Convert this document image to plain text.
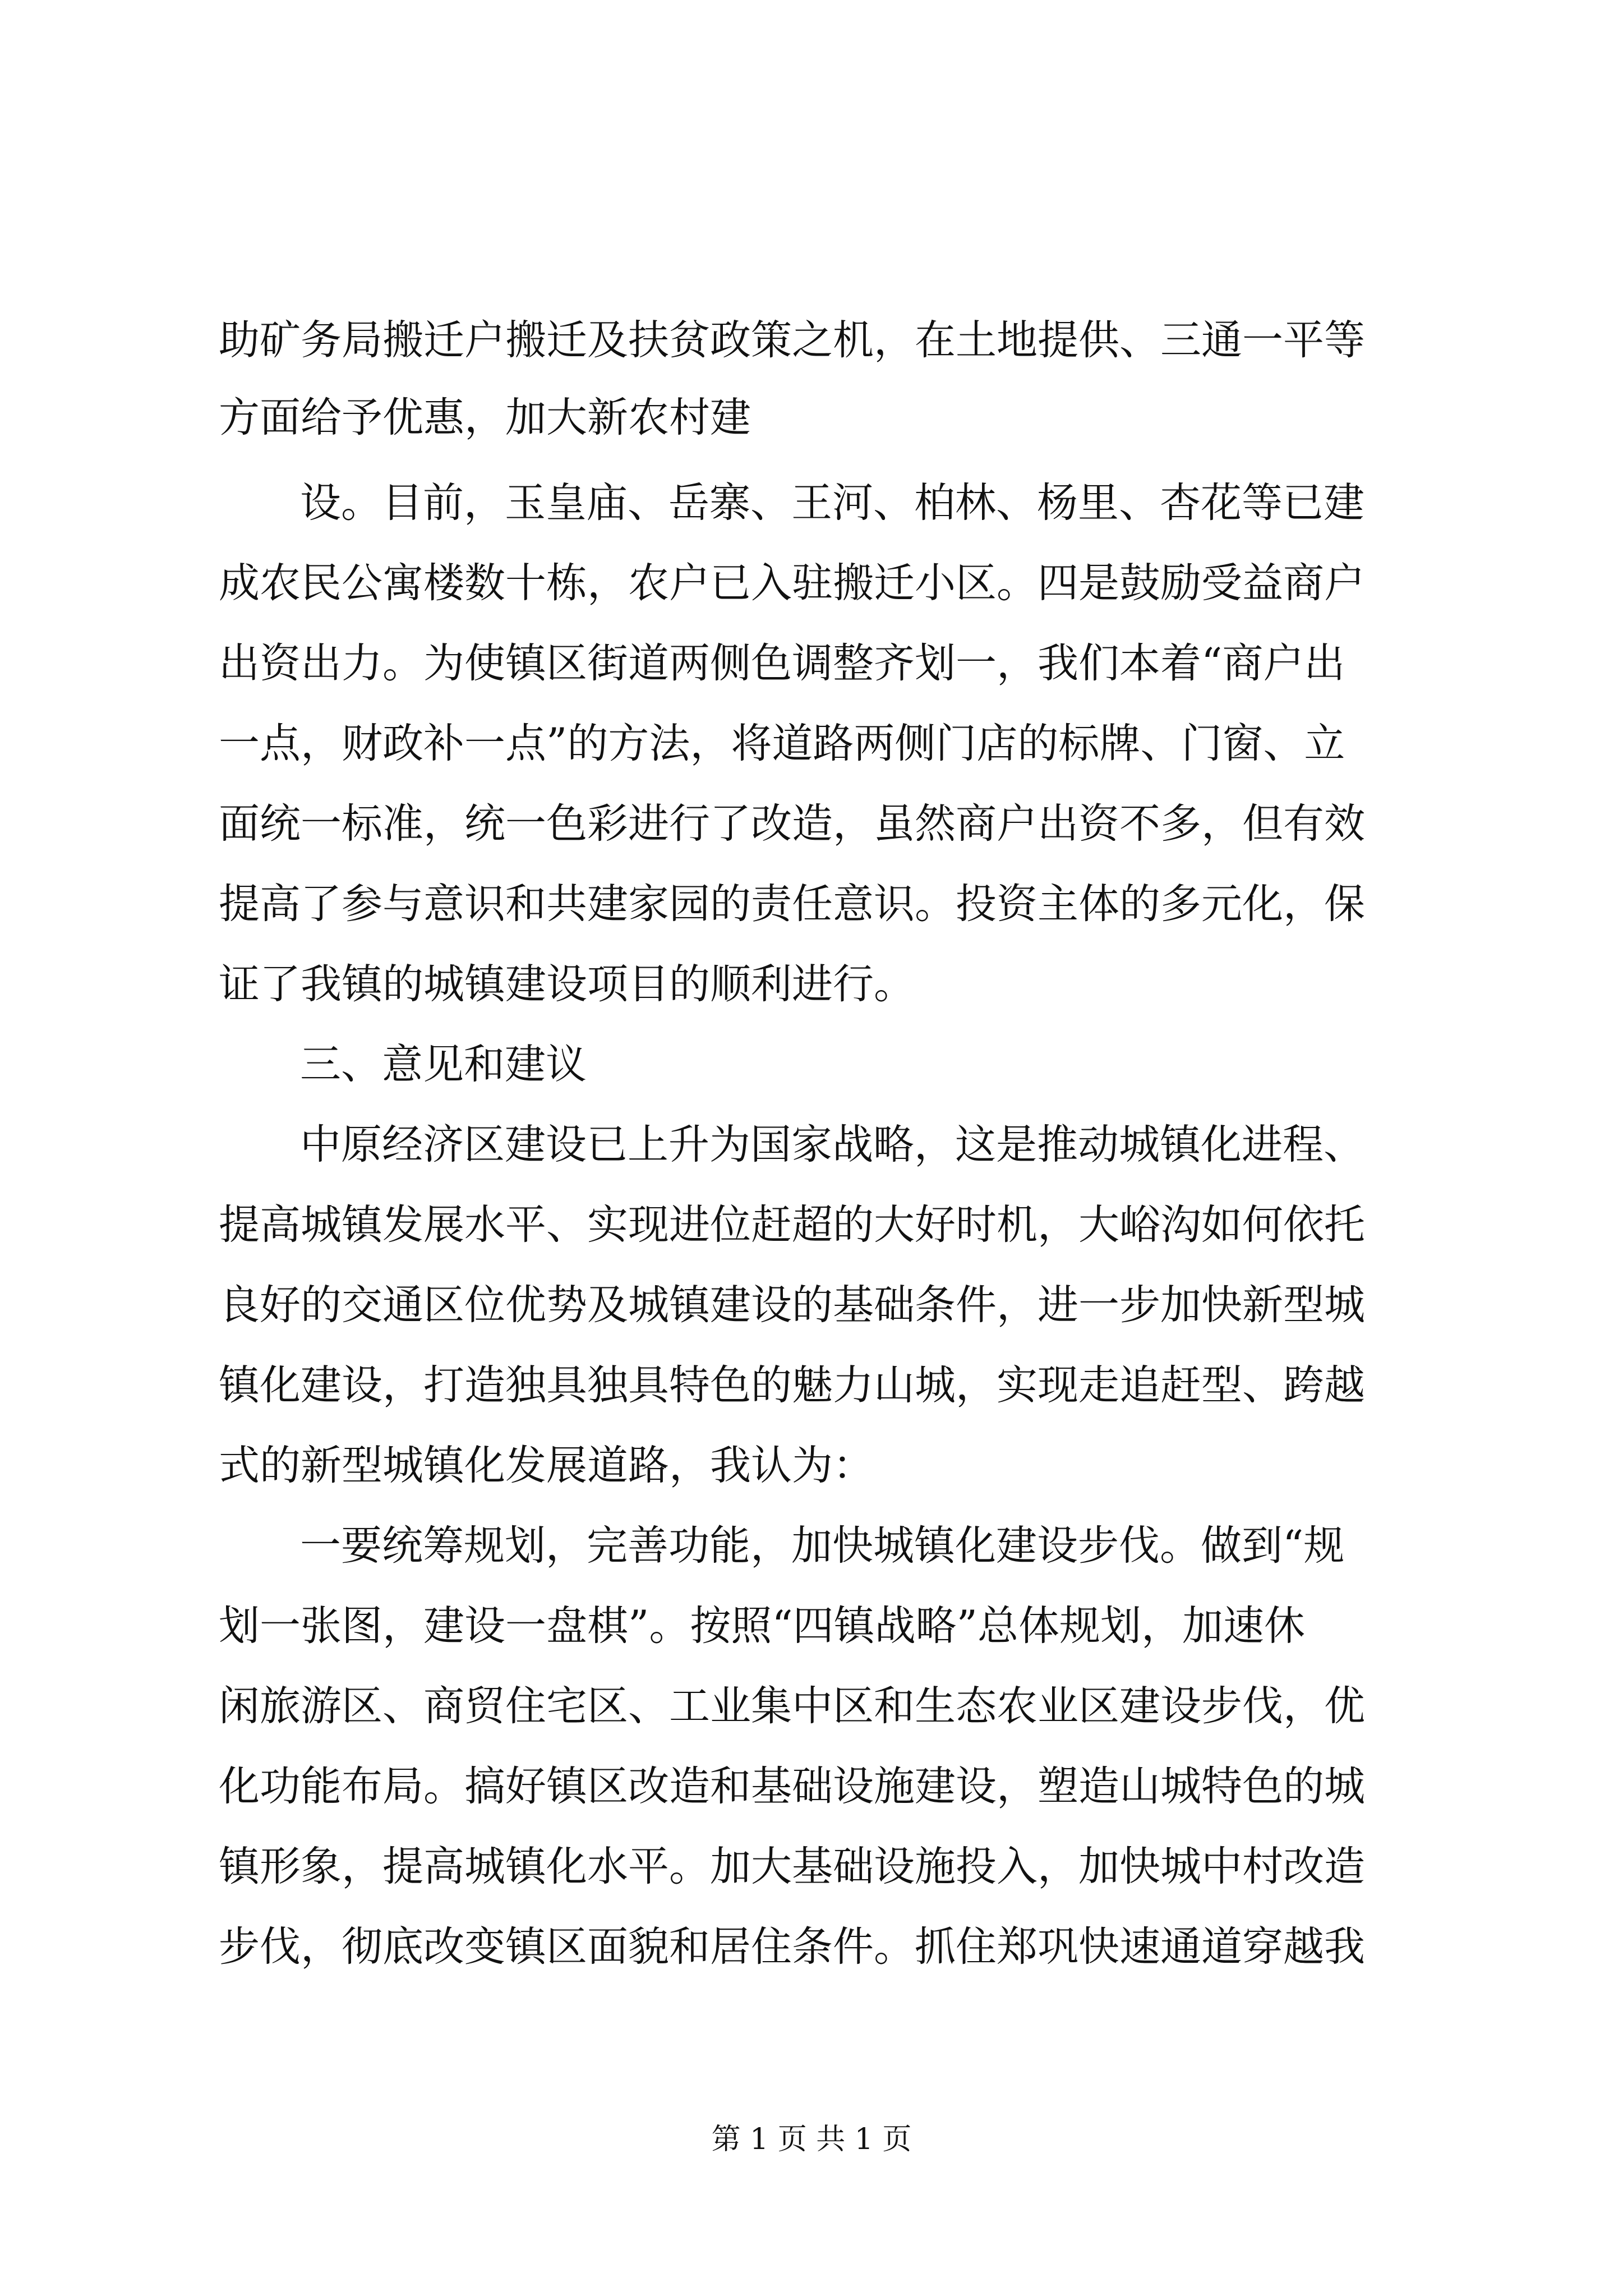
助矿务局搬迁户搬迁及扶贫政策之机，在土地提供、三通一平等
方面给予优惠，加大新农村建
设。目前，玉皇庙、岳寨、王河、柏林、杨里、杏花等已建
成农民公寓楼数十栋，农户已入驻搬迁小区。四是鼓励受益商户
出资出力。为使镇区街道两侧色调整齐划一，我们本着“商户出
一点，财政补一点”的方法，将道路两侧门店的标牌、门窗、立
面统一标准，统一色彩进行了改造，虽然商户出资不多，但有效
提高了参与意识和共建家园的责任意识。投资主体的多元化，保
证了我镇的城镇建设项目的顺利进行。
三、意见和建议
中原经济区建设已上升为国家战略，这是推动城镇化进程、
提高城镇发展水平、实现进位赶超的大好时机，大峪沟如何依托
良好的交通区位优势及城镇建设的基础条件，进一步加快新型城
镇化建设，打造独具独具特色的魅力山城，实现走追赶型、跨越
式的新型城镇化发展道路，我认为：
一要统筹规划，完善功能，加快城镇化建设步伐。做到“规
划一张图，建设一盘棋”。按照“四镇战略”总体规划，加速休
闲旅游区、商贸住宅区、工业集中区和生态农业区建设步伐，优
化功能布局。搞好镇区改造和基础设施建设，塑造山城特色的城
镇形象，提高城镇化水平。加大基础设施投入，加快城中村改造
步伐，彻底改变镇区面貌和居住条件。抓住郑巩快速通道穿越我
第 1 页 共 1 页
